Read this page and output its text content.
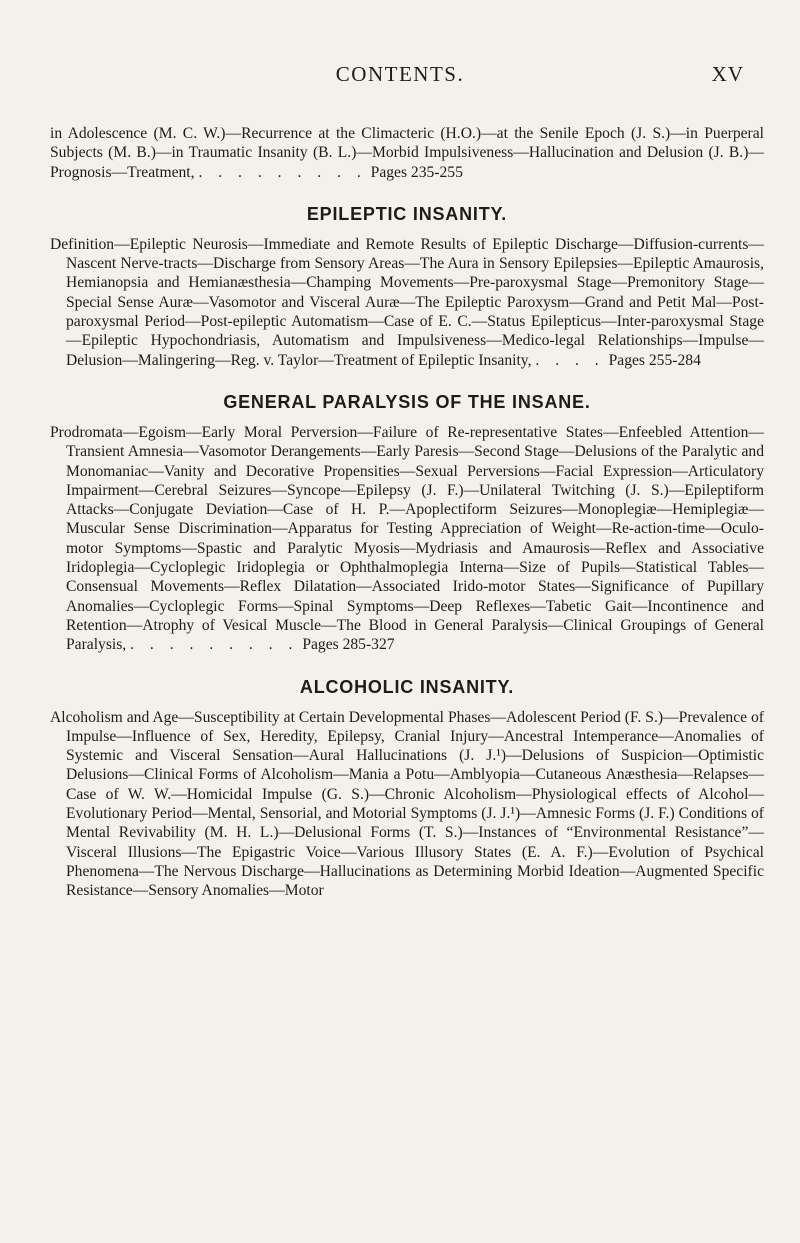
CONTENTS.	XV

in Adolescence (M. C. W.)—Recurrence at the Climacteric (H.O.)—at the Senile Epoch (J. S.)—in Puerperal Subjects (M. B.)—in Traumatic Insanity (B. L.)—Morbid Impulsiveness—Hallucination and Delusion (J. B.)—Prognosis—Treatment, . . . . . . . . . Pages 235-255

EPILEPTIC INSANITY.

Definition—Epileptic Neurosis—Immediate and Remote Results of Epileptic Discharge—Diffusion-currents—Nascent Nerve-tracts—Discharge from Sensory Areas—The Aura in Sensory Epilepsies—Epileptic Amaurosis, Hemianopsia and Hemianæsthesia—Champing Movements—Pre-paroxysmal Stage—Premonitory Stage—Special Sense Auræ—Vasomotor and Visceral Auræ—The Epileptic Paroxysm—Grand and Petit Mal—Post-paroxysmal Period—Post-epileptic Automatism—Case of E. C.—Status Epilepticus—Inter-paroxysmal Stage—Epileptic Hypochondriasis, Automatism and Impulsiveness—Medico-legal Relationships—Impulse—Delusion—Malingering—Reg. v. Taylor—Treatment of Epileptic Insanity, . . . . Pages 255-284

GENERAL PARALYSIS OF THE INSANE.

Prodromata—Egoism—Early Moral Perversion—Failure of Re-representative States—Enfeebled Attention—Transient Amnesia—Vasomotor Derangements—Early Paresis—Second Stage—Delusions of the Paralytic and Monomaniac—Vanity and Decorative Propensities—Sexual Perversions—Facial Expression—Articulatory Impairment—Cerebral Seizures—Syncope—Epilepsy (J. F.)—Unilateral Twitching (J. S.)—Epileptiform Attacks—Conjugate Deviation—Case of H. P.—Apoplectiform Seizures—Monoplegiæ—Hemiplegiæ—Muscular Sense Discrimination—Apparatus for Testing Appreciation of Weight—Re-action-time—Oculo-motor Symptoms—Spastic and Paralytic Myosis—Mydriasis and Amaurosis—Reflex and Associative Iridoplegia—Cycloplegic Iridoplegia or Ophthalmoplegia Interna—Size of Pupils—Statistical Tables—Consensual Movements—Reflex Dilatation—Associated Irido-motor States—Significance of Pupillary Anomalies—Cycloplegic Forms—Spinal Symptoms—Deep Reflexes—Tabetic Gait—Incontinence and Retention—Atrophy of Vesical Muscle—The Blood in General Paralysis—Clinical Groupings of General Paralysis, . . . . . . . . . Pages 285-327

ALCOHOLIC INSANITY.

Alcoholism and Age—Susceptibility at Certain Developmental Phases—Adolescent Period (F. S.)—Prevalence of Impulse—Influence of Sex, Heredity, Epilepsy, Cranial Injury—Ancestral Intemperance—Anomalies of Systemic and Visceral Sensation—Aural Hallucinations (J. J.¹)—Delusions of Suspicion—Optimistic Delusions—Clinical Forms of Alcoholism—Mania a Potu—Amblyopia—Cutaneous Anæsthesia—Relapses—Case of W. W.—Homicidal Impulse (G. S.)—Chronic Alcoholism—Physiological effects of Alcohol—Evolutionary Period—Mental, Sensorial, and Motorial Symptoms (J. J.¹)—Amnesic Forms (J. F.) Conditions of Mental Revivability (M. H. L.)—Delusional Forms (T. S.)—Instances of “Environmental Resistance”—Visceral Illusions—The Epigastric Voice—Various Illusory States (E. A. F.)—Evolution of Psychical Phenomena—The Nervous Discharge—Hallucinations as Determining Morbid Ideation—Augmented Specific Resistance—Sensory Anomalies—Motor
